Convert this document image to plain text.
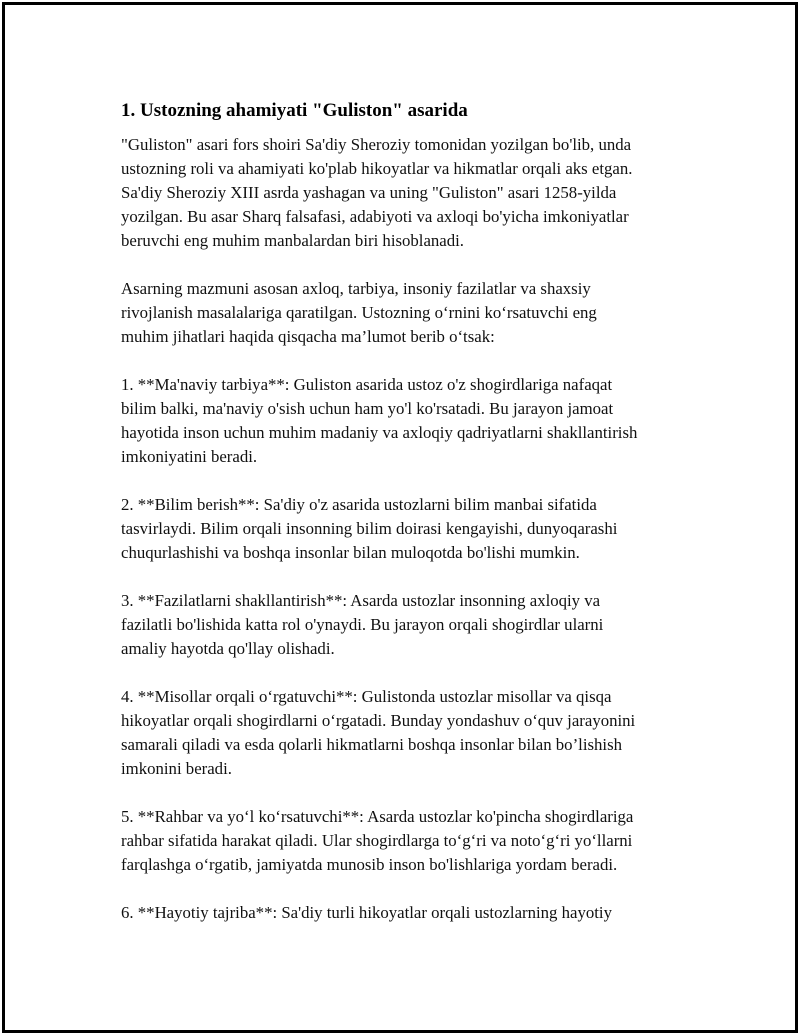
1. Ustozning ahamiyati "Guliston" asarida

"Guliston" asari fors shoiri Sa'diy Sheroziy tomonidan yozilgan bo'lib, unda
ustozning roli va ahamiyati ko'plab hikoyatlar va hikmatlar orqali aks etgan.
Sa'diy Sheroziy XIII asrda yashagan va uning "Guliston" asari 1258-yilda
yozilgan. Bu asar Sharq falsafasi, adabiyoti va axloqi bo'yicha imkoniyatlar
beruvchi eng muhim manbalardan biri hisoblanadi.

Asarning mazmuni asosan axloq, tarbiya, insoniy fazilatlar va shaxsiy
rivojlanish masalalariga qaratilgan. Ustozning o‘rnini ko‘rsatuvchi eng
muhim jihatlari haqida qisqacha ma’lumot berib o‘tsak:

1. **Ma'naviy tarbiya**: Guliston asarida ustoz o'z shogirdlariga nafaqat
bilim balki, ma'naviy o'sish uchun ham yo'l ko'rsatadi. Bu jarayon jamoat
hayotida inson uchun muhim madaniy va axloqiy qadriyatlarni shakllantirish
imkoniyatini beradi.

2. **Bilim berish**: Sa'diy o'z asarida ustozlarni bilim manbai sifatida
tasvirlaydi. Bilim orqali insonning bilim doirasi kengayishi, dunyoqarashi
chuqurlashishi va boshqa insonlar bilan muloqotda bo'lishi mumkin.

3. **Fazilatlarni shakllantirish**: Asarda ustozlar insonning axloqiy va
fazilatli bo'lishida katta rol o'ynaydi. Bu jarayon orqali shogirdlar ularni
amaliy hayotda qo'llay olishadi.

4. **Misollar orqali o‘rgatuvchi**: Gulistonda ustozlar misollar va qisqa
hikoyatlar orqali shogirdlarni o‘rgatadi. Bunday yondashuv o‘quv jarayonini
samarali qiladi va esda qolarli hikmatlarni boshqa insonlar bilan bo’lishish
imkonini beradi.

5. **Rahbar va yo‘l ko‘rsatuvchi**: Asarda ustozlar ko'pincha shogirdlariga
rahbar sifatida harakat qiladi. Ular shogirdlarga to‘g‘ri va noto‘g‘ri yo‘llarni
farqlashga o‘rgatib, jamiyatda munosib inson bo'lishlariga yordam beradi.

6. **Hayotiy tajriba**: Sa'diy turli hikoyatlar orqali ustozlarning hayotiy
